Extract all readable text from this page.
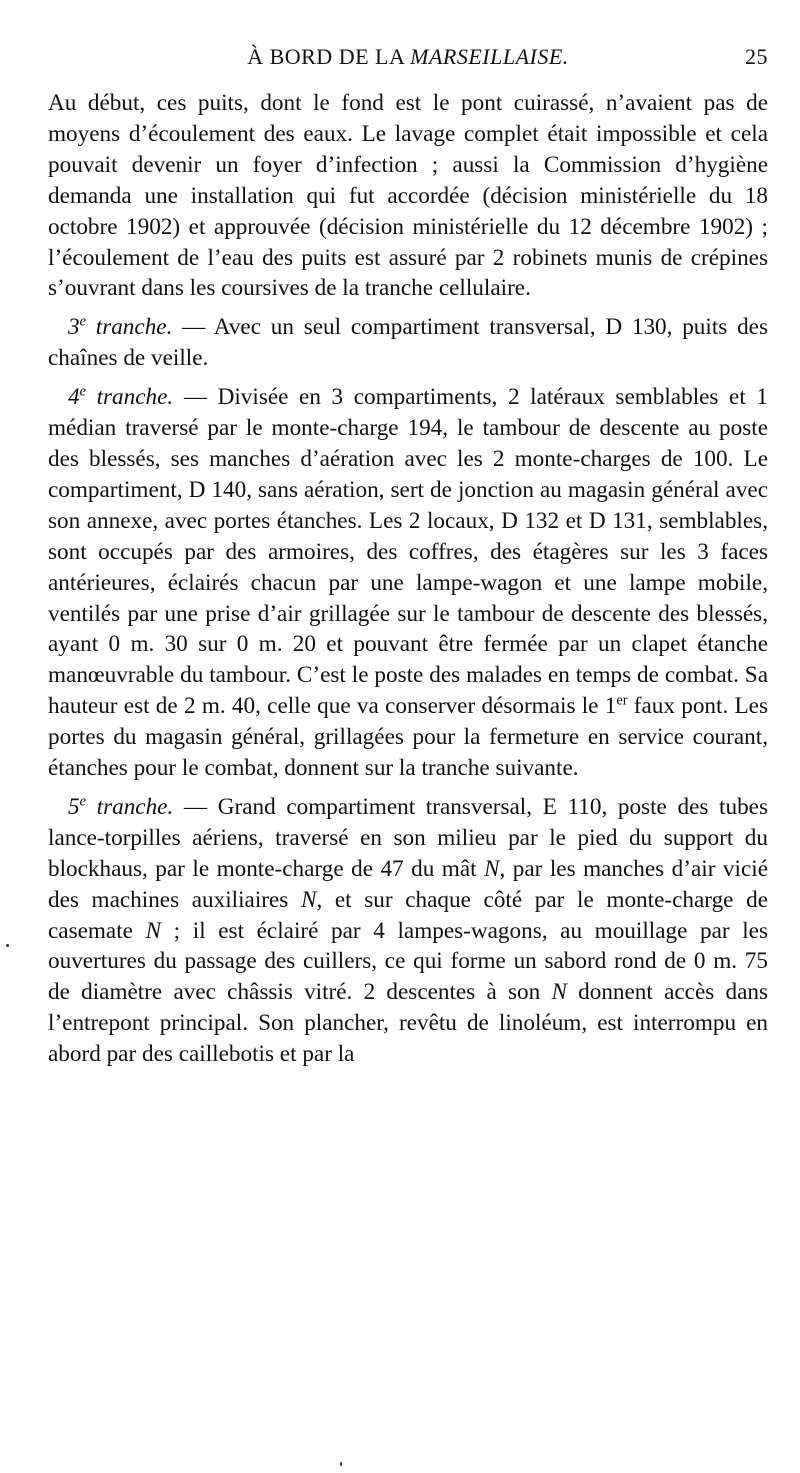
À BORD DE LA MARSEILLAISE.	25

Au début, ces puits, dont le fond est le pont cuirassé, n’avaient pas de moyens d’écoulement des eaux. Le lavage complet était impossible et cela pouvait devenir un foyer d’infection ; aussi la Commission d’hygiène demanda une installation qui fut accordée (décision ministérielle du 18 octobre 1902) et approuvée (décision ministérielle du 12 décembre 1902) ; l’écoulement de l’eau des puits est assuré par 2 robinets munis de crépines s’ouvrant dans les coursives de la tranche cellulaire.

3e tranche. — Avec un seul compartiment transversal, D 130, puits des chaînes de veille.

4e tranche. — Divisée en 3 compartiments, 2 latéraux semblables et 1 médian traversé par le monte-charge 194, le tambour de descente au poste des blessés, ses manches d’aération avec les 2 monte-charges de 100. Le compartiment, D 140, sans aération, sert de jonction au magasin général avec son annexe, avec portes étanches. Les 2 locaux, D 132 et D 131, semblables, sont occupés par des armoires, des coffres, des étagères sur les 3 faces antérieures, éclairés chacun par une lampe-wagon et une lampe mobile, ventilés par une prise d’air grillagée sur le tambour de descente des blessés, ayant 0 m. 30 sur 0 m. 20 et pouvant être fermée par un clapet étanche manœuvrable du tambour. C’est le poste des malades en temps de combat. Sa hauteur est de 2 m. 40, celle que va conserver désormais le 1er faux pont. Les portes du magasin général, grillagées pour la fermeture en service courant, étanches pour le combat, donnent sur la tranche suivante.

5e tranche. — Grand compartiment transversal, E 110, poste des tubes lance-torpilles aériens, traversé en son milieu par le pied du support du blockhaus, par le monte-charge de 47 du mât N, par les manches d’air vicié des machines auxiliaires N, et sur chaque côté par le monte-charge de casemate N ; il est éclairé par 4 lampes-wagons, au mouillage par les ouvertures du passage des cuillers, ce qui forme un sabord rond de 0 m. 75 de diamètre avec châssis vitré. 2 descentes à son N donnent accès dans l’entrepont principal. Son plancher, revêtu de linoléum, est interrompu en abord par des caillebotis et par la
